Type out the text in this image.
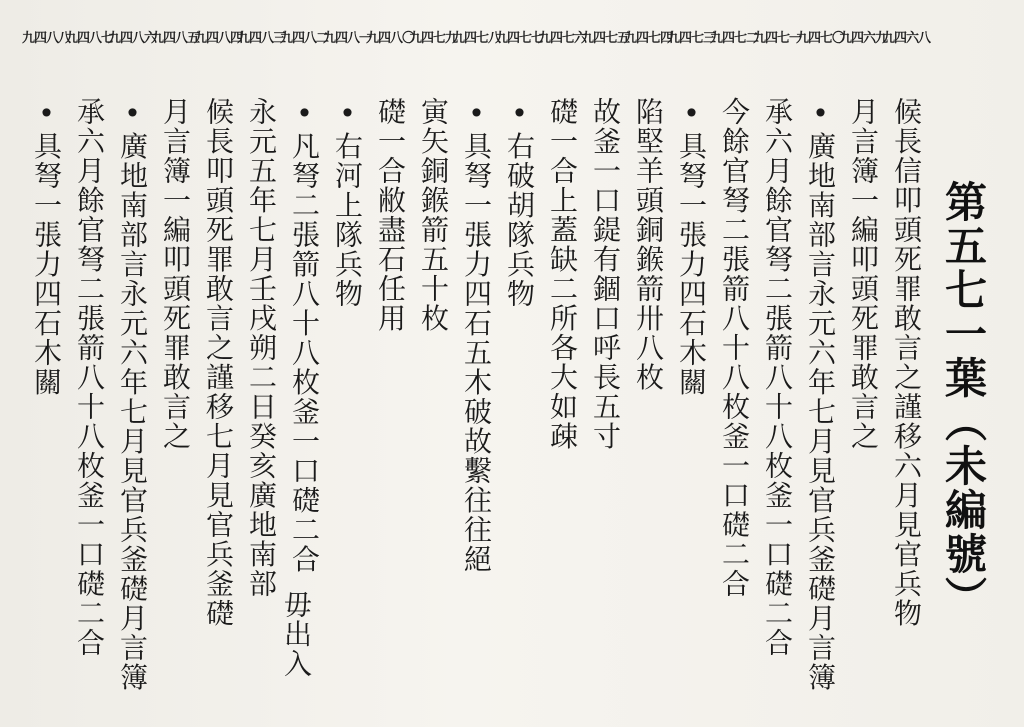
第五七一葉（未編號）
九四六八
候長信叩頭死罪敢言之謹移六月見官兵物
九四六九
月言簿一編叩頭死罪敢言之
九四七〇
•廣地南部言永元六年七月見官兵釜礎月言簿
九四七一
承六月餘官弩二張箭八十八枚釜一口礎二合
九四七二
今餘官弩二張箭八十八枚釜一口礎二合
九四七三
•具弩一張力四石木關
九四七四
陷堅羊頭銅鍭箭卅八枚
九四七五
故釜一口鍉有錮口呼長五寸
九四七六
礎一合上蓋缺二所各大如疎
九四七七
•右破胡隊兵物
九四七八
•具弩一張力四石五木破故繫往往絕
九四七九
寅矢銅鍭箭五十枚
九四八〇
礎一合敝盡石任用
九四八一
•右河上隊兵物
九四八二
•凡弩二張箭八十八枚釜一口礎二合
九四八三
永元五年七月壬戌朔二日癸亥廣地南部
九四八四
候長叩頭死罪敢言之謹移七月見官兵釜礎
九四八五
月言簿一編叩頭死罪敢言之
九四八六
•廣地南部言永元六年七月見官兵釜礎月言簿
九四八七
承六月餘官弩二張箭八十八枚釜一口礎二合
九四八八
•具弩一張力四石木關
毋出入
